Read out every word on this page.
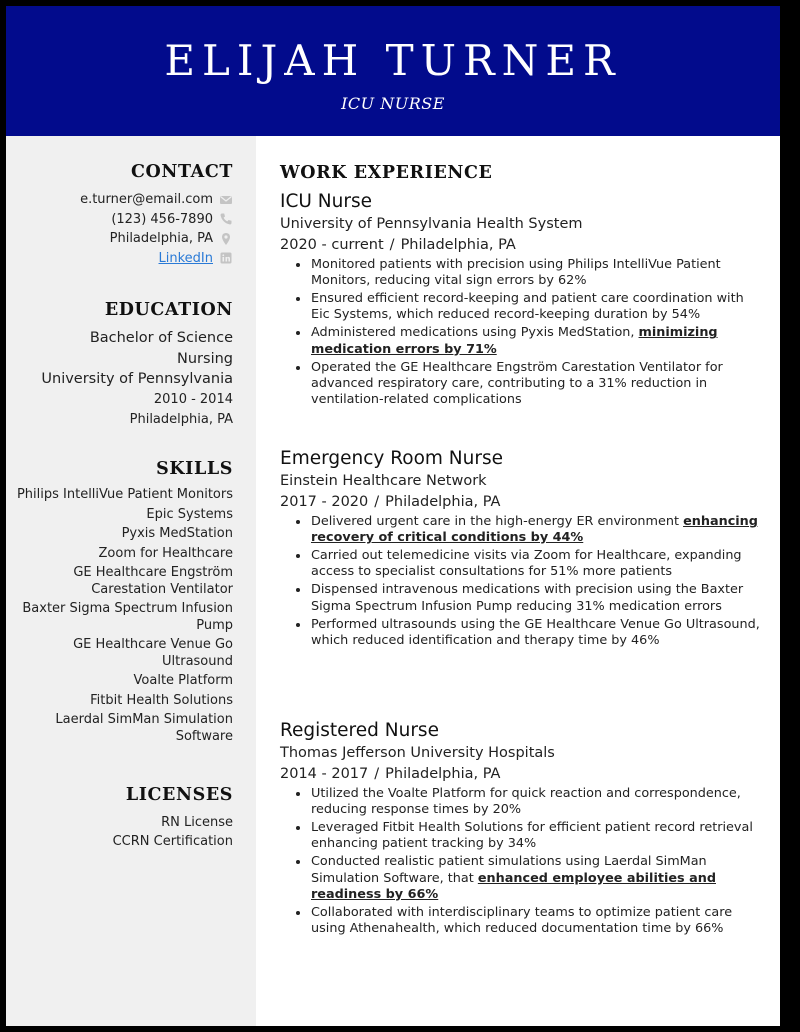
ELIJAH TURNER
ICU NURSE
CONTACT
e.turner@email.com
(123) 456-7890
Philadelphia, PA
LinkedIn
EDUCATION
Bachelor of Science
Nursing
University of Pennsylvania
2010 - 2014
Philadelphia, PA
SKILLS
Philips IntelliVue Patient Monitors
Epic Systems
Pyxis MedStation
Zoom for Healthcare
GE Healthcare Engström Carestation Ventilator
Baxter Sigma Spectrum Infusion Pump
GE Healthcare Venue Go Ultrasound
Voalte Platform
Fitbit Health Solutions
Laerdal SimMan Simulation Software
LICENSES
RN License
CCRN Certification
WORK EXPERIENCE
ICU Nurse
University of Pennsylvania Health System
2020 - current / Philadelphia, PA
Monitored patients with precision using Philips IntelliVue Patient Monitors, reducing vital sign errors by 62%
Ensured efficient record-keeping and patient care coordination with Eic Systems, which reduced record-keeping duration by 54%
Administered medications using Pyxis MedStation, minimizing medication errors by 71%
Operated the GE Healthcare Engström Carestation Ventilator for advanced respiratory care, contributing to a 31% reduction in ventilation-related complications
Emergency Room Nurse
Einstein Healthcare Network
2017 - 2020 / Philadelphia, PA
Delivered urgent care in the high-energy ER environment enhancing recovery of critical conditions by 44%
Carried out telemedicine visits via Zoom for Healthcare, expanding access to specialist consultations for 51% more patients
Dispensed intravenous medications with precision using the Baxter Sigma Spectrum Infusion Pump reducing 31% medication errors
Performed ultrasounds using the GE Healthcare Venue Go Ultrasound, which reduced identification and therapy time by 46%
Registered Nurse
Thomas Jefferson University Hospitals
2014 - 2017 / Philadelphia, PA
Utilized the Voalte Platform for quick reaction and correspondence, reducing response times by 20%
Leveraged Fitbit Health Solutions for efficient patient record retrieval enhancing patient tracking by 34%
Conducted realistic patient simulations using Laerdal SimMan Simulation Software, that enhanced employee abilities and readiness by 66%
Collaborated with interdisciplinary teams to optimize patient care using Athenahealth, which reduced documentation time by 66%
